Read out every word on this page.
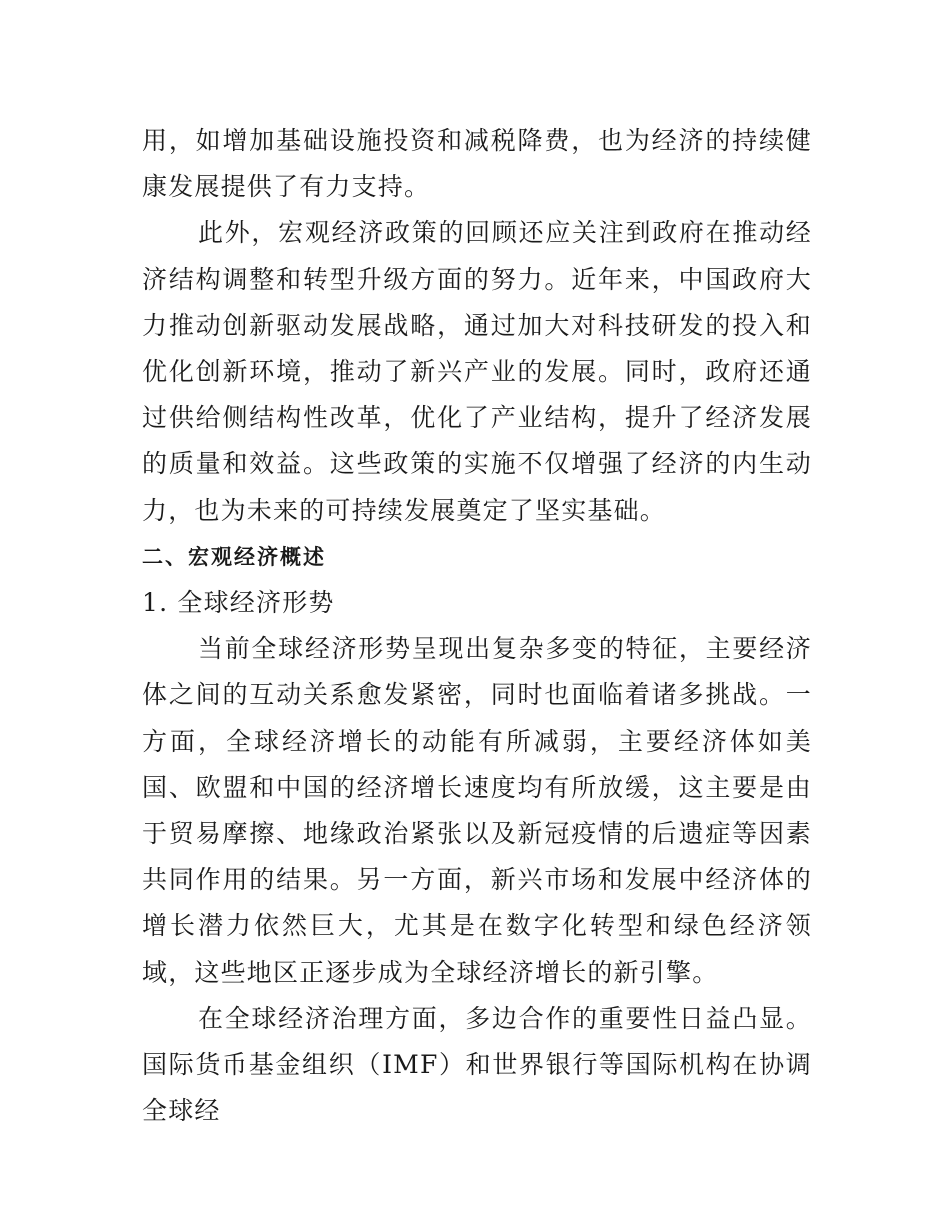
用，如增加基础设施投资和减税降费，也为经济的持续健康发展提供了有力支持。

此外，宏观经济政策的回顾还应关注到政府在推动经济结构调整和转型升级方面的努力。近年来，中国政府大力推动创新驱动发展战略，通过加大对科技研发的投入和优化创新环境，推动了新兴产业的发展。同时，政府还通过供给侧结构性改革，优化了产业结构，提升了经济发展的质量和效益。这些政策的实施不仅增强了经济的内生动力，也为未来的可持续发展奠定了坚实基础。

二、宏观经济概述

1. 全球经济形势

当前全球经济形势呈现出复杂多变的特征，主要经济体之间的互动关系愈发紧密，同时也面临着诸多挑战。一方面，全球经济增长的动能有所减弱，主要经济体如美国、欧盟和中国的经济增长速度均有所放缓，这主要是由于贸易摩擦、地缘政治紧张以及新冠疫情的后遗症等因素共同作用的结果。另一方面，新兴市场和发展中经济体的增长潜力依然巨大，尤其是在数字化转型和绿色经济领域，这些地区正逐步成为全球经济增长的新引擎。

在全球经济治理方面，多边合作的重要性日益凸显。国际货币基金组织（IMF）和世界银行等国际机构在协调全球经
